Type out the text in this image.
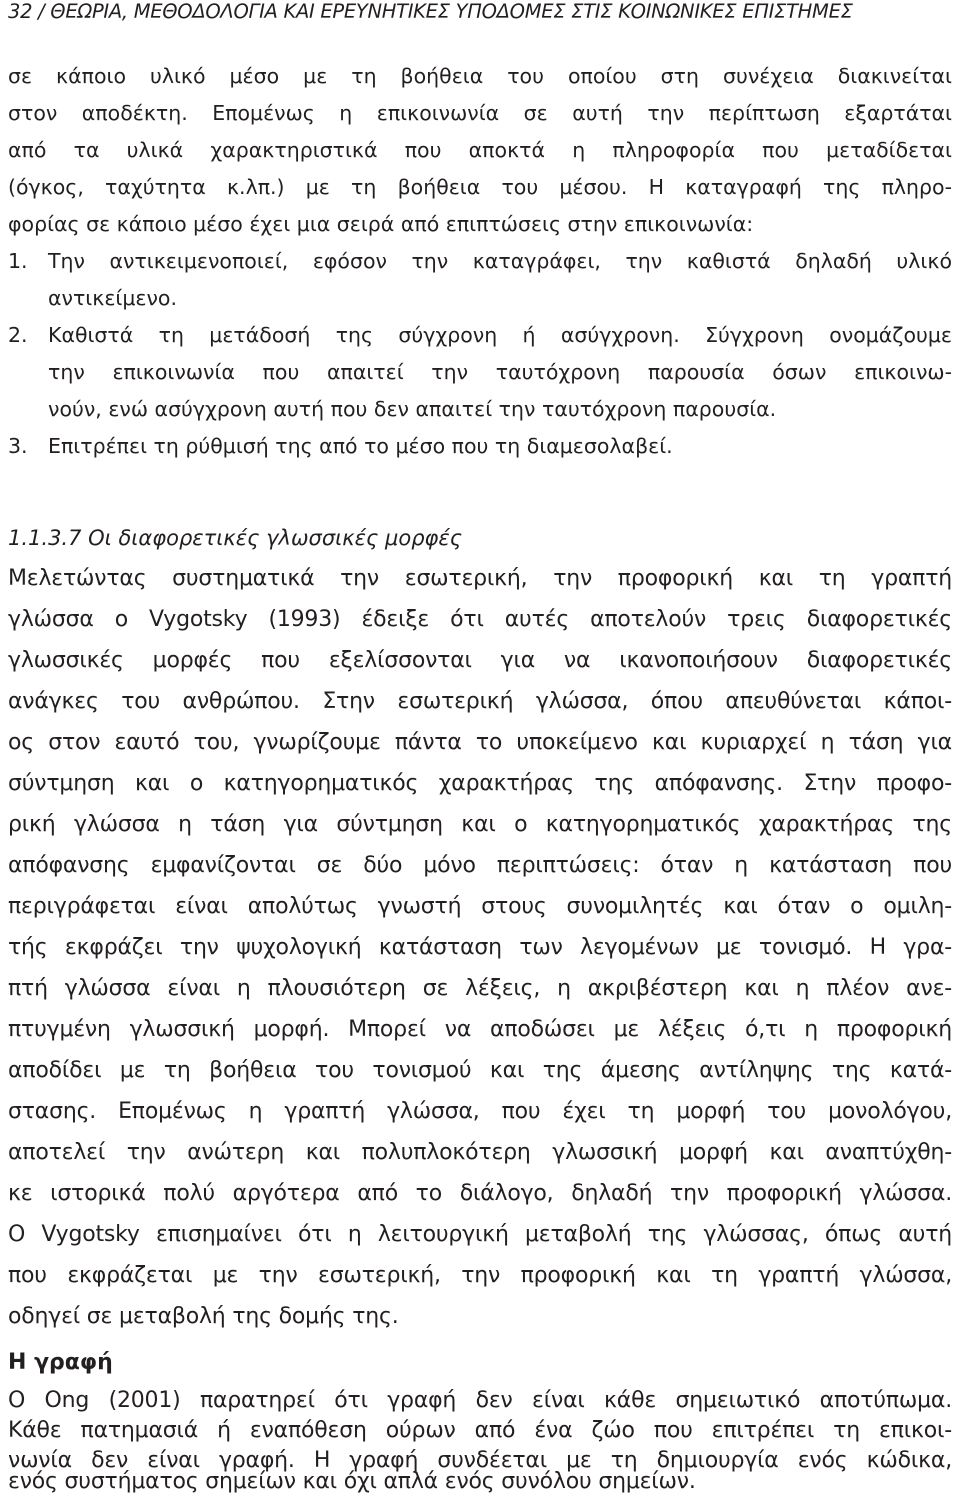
32 / ΘΕΩΡΙΑ, ΜΕΘΟΔΟΛΟΓΙΑ ΚΑΙ ΕΡΕΥΝΗΤΙΚΕΣ ΥΠΟΔΟΜΕΣ ΣΤΙΣ ΚΟΙΝΩΝΙΚΕΣ ΕΠΙΣΤΗΜΕΣ
σε κάποιο υλικό μέσο με τη βοήθεια του οποίου στη συνέχεια διακινείται
στον αποδέκτη. Επομένως η επικοινωνία σε αυτή την περίπτωση εξαρτάται
από τα υλικά χαρακτηριστικά που αποκτά η πληροφορία που μεταδίδεται
(όγκος, ταχύτητα κ.λπ.) με τη βοήθεια του μέσου. Η καταγραφή της πληρο-
φορίας σε κάποιο μέσο έχει μια σειρά από επιπτώσεις στην επικοινωνία:
1. Την αντικειμενοποιεί, εφόσον την καταγράφει, την καθιστά δηλαδή υλικό
αντικείμενο.
2. Καθιστά τη μετάδοσή της σύγχρονη ή ασύγχρονη. Σύγχρονη ονομάζουμε
την επικοινωνία που απαιτεί την ταυτόχρονη παρουσία όσων επικοινω-
νούν, ενώ ασύγχρονη αυτή που δεν απαιτεί την ταυτόχρονη παρουσία.
3. Επιτρέπει τη ρύθμισή της από το μέσο που τη διαμεσολαβεί.
1.1.3.7 Οι διαφορετικές γλωσσικές μορφές
Μελετώντας συστηματικά την εσωτερική, την προφορική και τη γραπτή
γλώσσα ο Vygotsky (1993) έδειξε ότι αυτές αποτελούν τρεις διαφορετικές
γλωσσικές μορφές που εξελίσσονται για να ικανοποιήσουν διαφορετικές
ανάγκες του ανθρώπου. Στην εσωτερική γλώσσα, όπου απευθύνεται κάποι-
ος στον εαυτό του, γνωρίζουμε πάντα το υποκείμενο και κυριαρχεί η τάση για
σύντμηση και ο κατηγορηματικός χαρακτήρας της απόφανσης. Στην προφο-
ρική γλώσσα η τάση για σύντμηση και ο κατηγορηματικός χαρακτήρας της
απόφανσης εμφανίζονται σε δύο μόνο περιπτώσεις: όταν η κατάσταση που
περιγράφεται είναι απολύτως γνωστή στους συνομιλητές και όταν ο ομιλη-
τής εκφράζει την ψυχολογική κατάσταση των λεγομένων με τονισμό. Η γρα-
πτή γλώσσα είναι η πλουσιότερη σε λέξεις, η ακριβέστερη και η πλέον ανε-
πτυγμένη γλωσσική μορφή. Μπορεί να αποδώσει με λέξεις ό,τι η προφορική
αποδίδει με τη βοήθεια του τονισμού και της άμεσης αντίληψης της κατά-
στασης. Επομένως η γραπτή γλώσσα, που έχει τη μορφή του μονολόγου,
αποτελεί την ανώτερη και πολυπλοκότερη γλωσσική μορφή και αναπτύχθη-
κε ιστορικά πολύ αργότερα από το διάλογο, δηλαδή την προφορική γλώσσα.
Ο Vygotsky επισημαίνει ότι η λειτουργική μεταβολή της γλώσσας, όπως αυτή
που εκφράζεται με την εσωτερική, την προφορική και τη γραπτή γλώσσα,
οδηγεί σε μεταβολή της δομής της.
Η γραφή
Ο Ong (2001) παρατηρεί ότι γραφή δεν είναι κάθε σημειωτικό αποτύπωμα.
Κάθε πατημασιά ή εναπόθεση ούρων από ένα ζώο που επιτρέπει τη επικοι-
νωνία δεν είναι γραφή. Η γραφή συνδέεται με τη δημιουργία ενός κώδικα,
ενός συστήματος σημείων και όχι απλά ενός συνόλου σημείων.
